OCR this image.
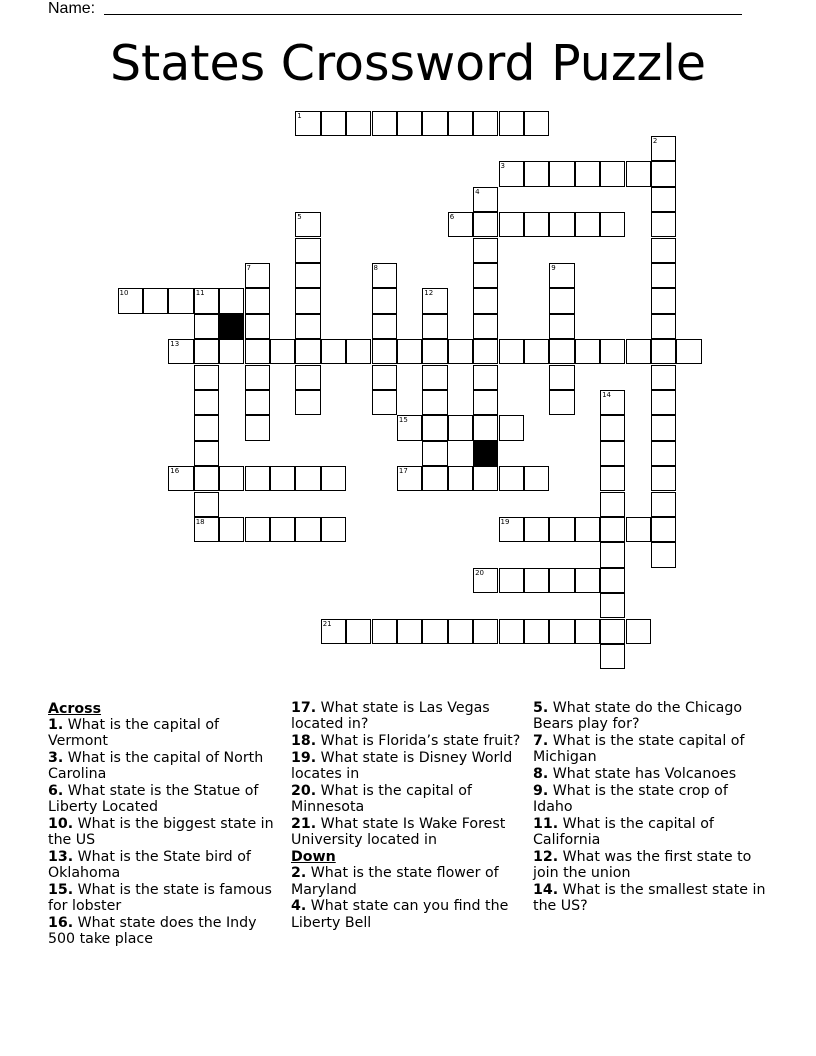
Name:
States Crossword Puzzle
1
3
6
10	11
13
15
16	17
18	19
20
21
2
4
5
7	8	9
12
14
Across
1. What is the capital of Vermont
3. What is the capital of North Carolina
6. What state is the Statue of Liberty Located
10. What is the biggest state in the US
13. What is the State bird of Oklahoma
15. What is the state is famous for lobster
16. What state does the Indy 500 take place
17. What state is Las Vegas located in?
18. What is Florida’s state fruit?
19. What state is Disney World locates in
20. What is the capital of Minnesota
21. What state Is Wake Forest University located in
Down
2. What is the state flower of Maryland
4. What state can you find the Liberty Bell
5. What state do the Chicago Bears play for?
7. What is the state capital of Michigan
8. What state has Volcanoes
9. What is the state crop of Idaho
11. What is the capital of California
12. What was the first state to join the union
14. What is the smallest state in the US?
